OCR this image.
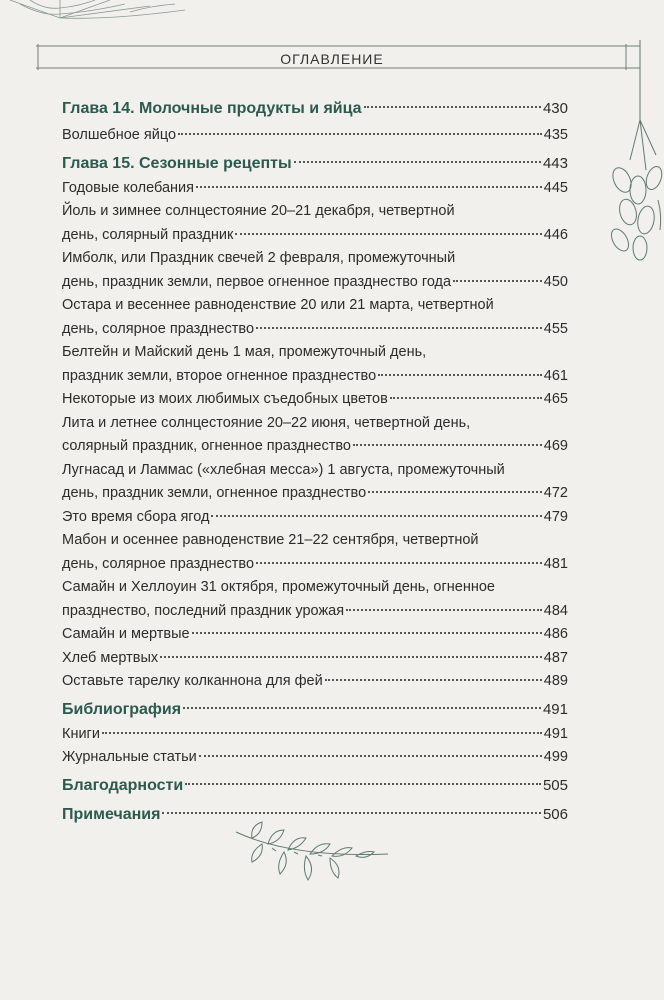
ОГЛАВЛЕНИЕ
Глава 14. Молочные продукты и яйца	430
Волшебное яйцо	435
Глава 15. Сезонные рецепты	443
Годовые колебания	445
Йоль и зимнее солнцестояние 20–21 декабря, четвертной
день, солярный праздник	446
Имболк, или Праздник свечей 2 февраля, промежуточный
день, праздник земли, первое огненное празднество года	450
Остара и весеннее равноденствие 20 или 21 марта, четвертной
день, солярное празднество	455
Белтейн и Майский день 1 мая, промежуточный день,
праздник земли, второе огненное празднество	461
Некоторые из моих любимых съедобных цветов	465
Лита и летнее солнцестояние 20–22 июня, четвертной день,
солярный праздник, огненное празднество	469
Лугнасад и Ламмас («хлебная месса») 1 августа, промежуточный
день, праздник земли, огненное празднество	472
Это время сбора ягод	479
Мабон и осеннее равноденствие 21–22 сентября, четвертной
день, солярное празднество	481
Самайн и Хеллоуин 31 октября, промежуточный день, огненное
празднество, последний праздник урожая	484
Самайн и мертвые	486
Хлеб мертвых	487
Оставьте тарелку колканнона для фей	489
Библиография	491
Книги	491
Журнальные статьи	499
Благодарности	505
Примечания	506
